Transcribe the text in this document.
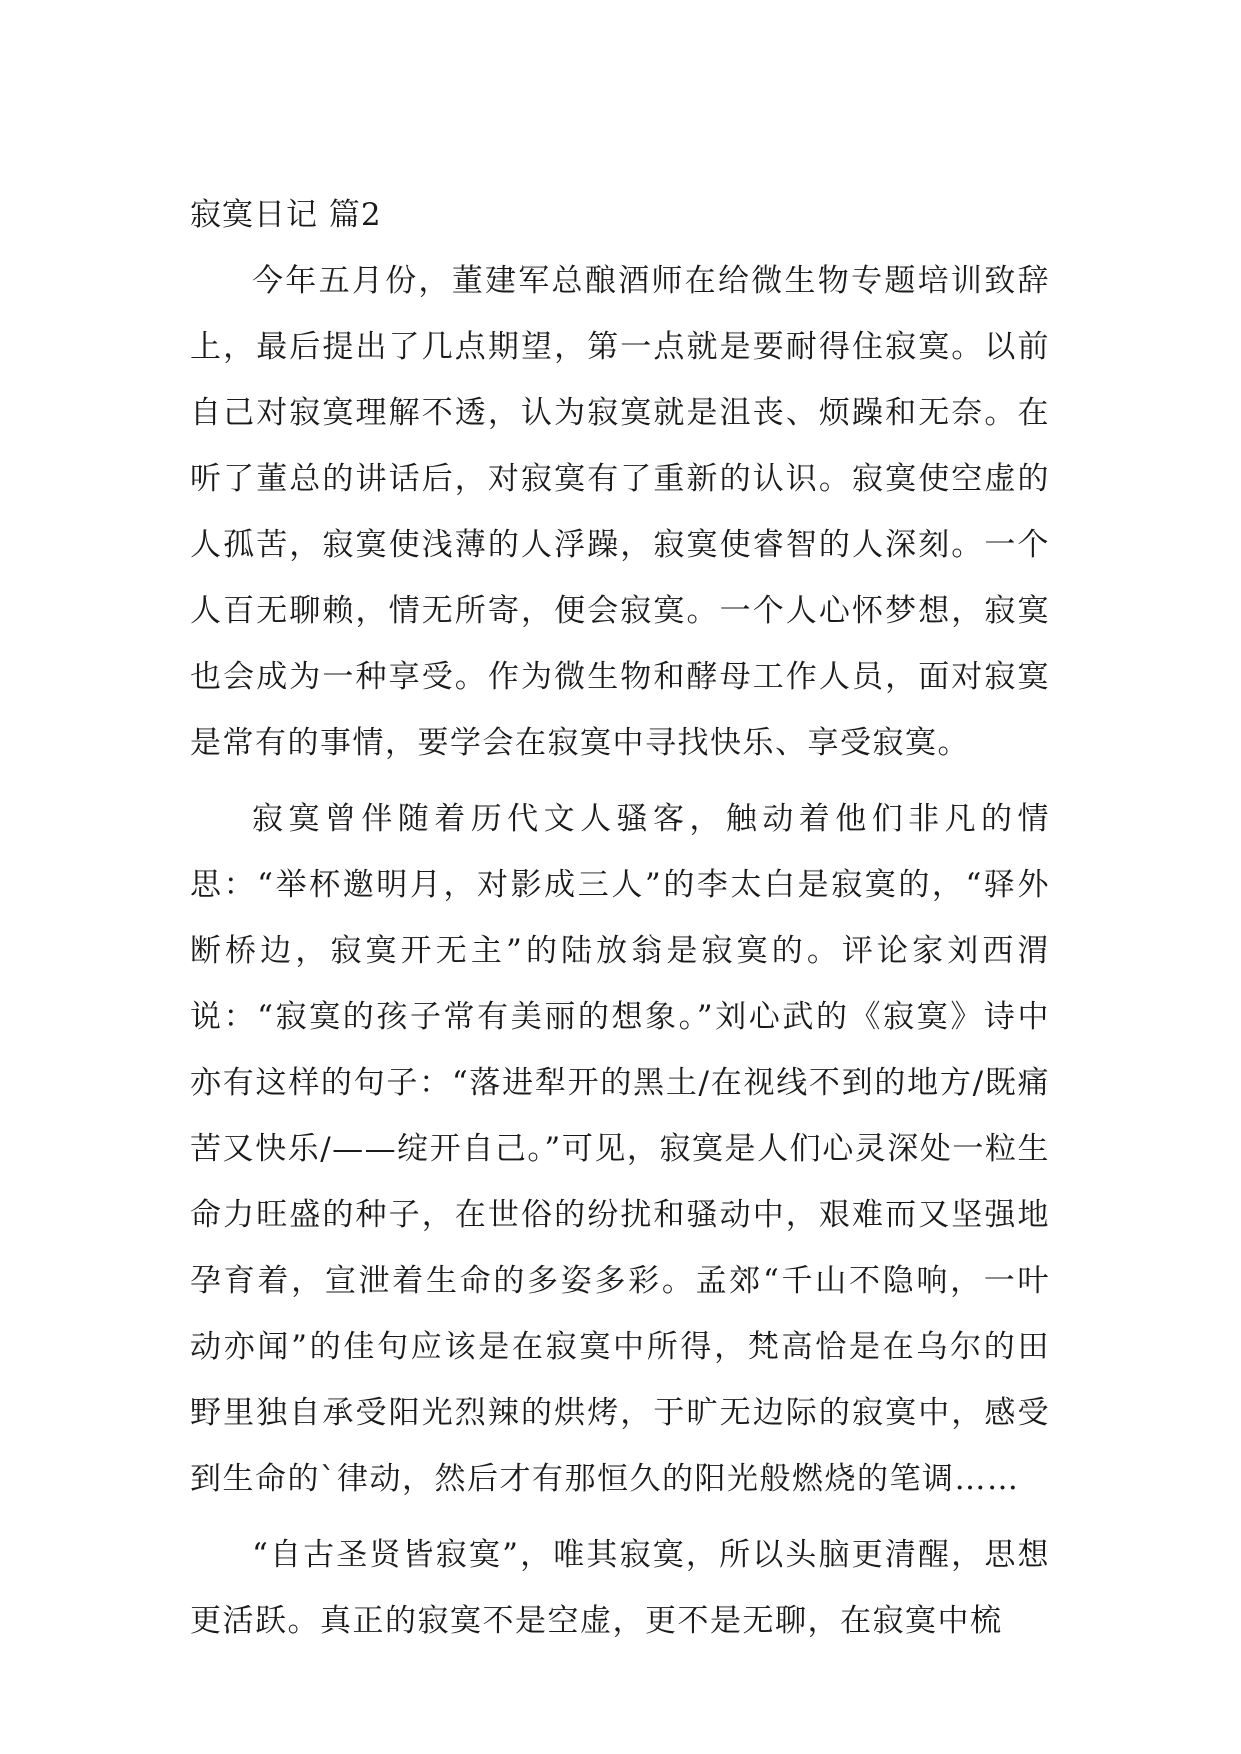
寂寞日记 篇2

今年五月份，董建军总酿酒师在给微生物专题培训致辞上，最后提出了几点期望，第一点就是要耐得住寂寞。以前自己对寂寞理解不透，认为寂寞就是沮丧、烦躁和无奈。在听了董总的讲话后，对寂寞有了重新的认识。寂寞使空虚的人孤苦，寂寞使浅薄的人浮躁，寂寞使睿智的人深刻。一个人百无聊赖，情无所寄，便会寂寞。一个人心怀梦想，寂寞也会成为一种享受。作为微生物和酵母工作人员，面对寂寞是常有的事情，要学会在寂寞中寻找快乐、享受寂寞。

寂寞曾伴随着历代文人骚客，触动着他们非凡的情思：“举杯邀明月，对影成三人”的李太白是寂寞的，“驿外断桥边，寂寞开无主”的陆放翁是寂寞的。评论家刘西渭说：“寂寞的孩子常有美丽的想象。”刘心武的《寂寞》诗中亦有这样的句子：“落进犁开的黑土/在视线不到的地方/既痛苦又快乐/——绽开自己。”可见，寂寞是人们心灵深处一粒生命力旺盛的种子，在世俗的纷扰和骚动中，艰难而又坚强地孕育着，宣泄着生命的多姿多彩。孟郊“千山不隐响，一叶动亦闻”的佳句应该是在寂寞中所得，梵高恰是在乌尔的田野里独自承受阳光烈辣的烘烤，于旷无边际的寂寞中，感受到生命的`律动，然后才有那恒久的阳光般燃烧的笔调……

“自古圣贤皆寂寞”，唯其寂寞，所以头脑更清醒，思想更活跃。真正的寂寞不是空虚，更不是无聊，在寂寞中梳
